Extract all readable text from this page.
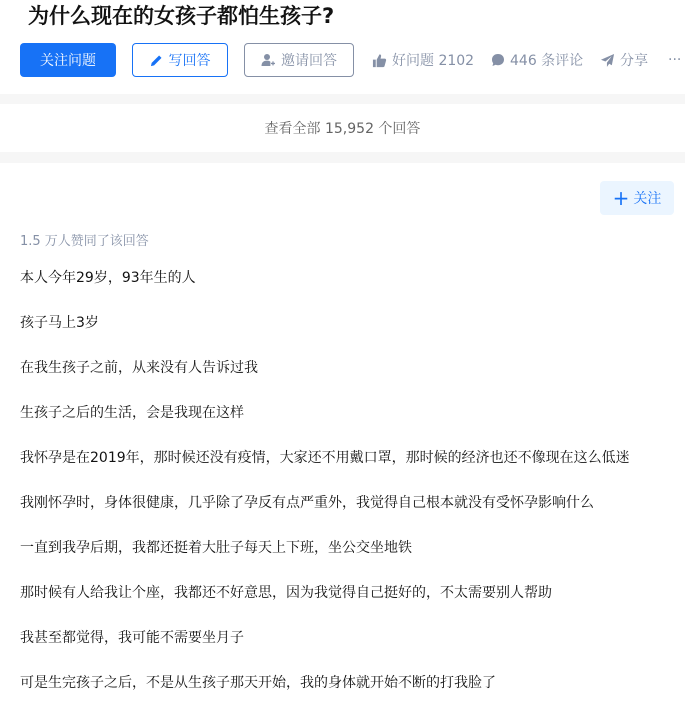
为什么现在的女孩子都怕生孩子?
关注问题	写回答	邀请回答	好问题 2102	446 条评论	分享 ···
查看全部 15,952 个回答
+ 关注
1.5 万人赞同了该回答

本人今年29岁，93年生的人

孩子马上3岁

在我生孩子之前，从来没有人告诉过我

生孩子之后的生活，会是我现在这样

我怀孕是在2019年，那时候还没有疫情，大家还不用戴口罩，那时候的经济也还不像现在这么低迷

我刚怀孕时，身体很健康，几乎除了孕反有点严重外，我觉得自己根本就没有受怀孕影响什么

一直到我孕后期，我都还挺着大肚子每天上下班，坐公交坐地铁

那时候有人给我让个座，我都还不好意思，因为我觉得自己挺好的，不太需要别人帮助

我甚至都觉得，我可能不需要坐月子

可是生完孩子之后，不是从生孩子那天开始，我的身体就开始不断的打我脸了
